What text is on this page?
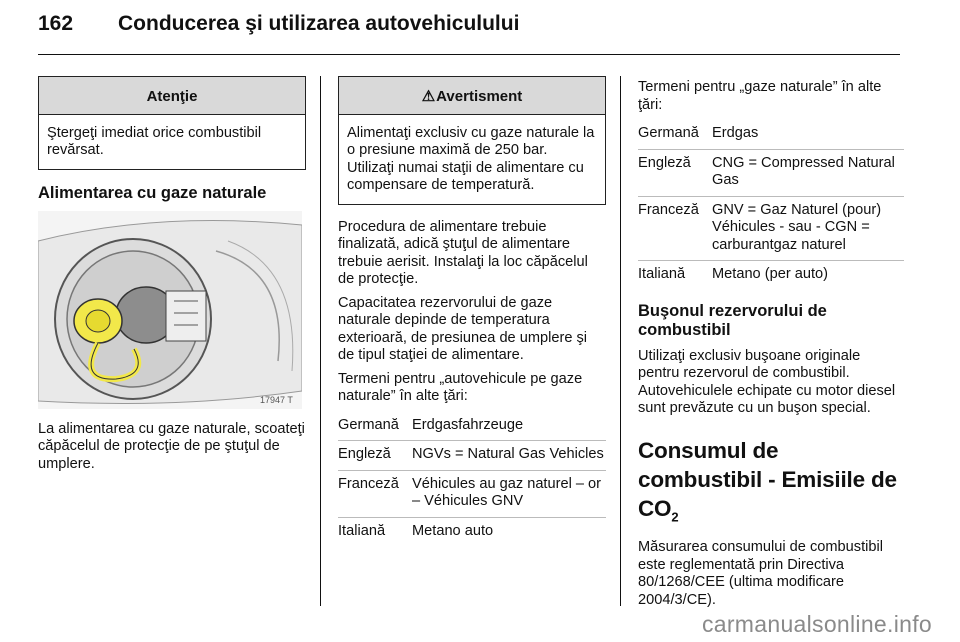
162 Conducerea şi utilizarea autovehiculului
Atenţie
Ştergeţi imediat orice combustibil revărsat.
Alimentarea cu gaze naturale
17947 T

La alimentarea cu gaze naturale, scoateţi căpăcelul de protecţie de pe ştuţul de umplere.

⚠Avertisment
Alimentaţi exclusiv cu gaze naturale la o presiune maximă de 250 bar. Utilizaţi numai staţii de alimentare cu compensare de temperatură.

Procedura de alimentare trebuie finalizată, adică ştuţul de alimentare trebuie aerisit. Instalaţi la loc căpăcelul de protecţie.

Capacitatea rezervorului de gaze naturale depinde de temperatura exterioară, de presiunea de umplere şi de tipul staţiei de alimentare.

Termeni pentru „autovehicule pe gaze naturale” în alte ţări:

Germană	Erdgasfahrzeuge
Engleză	NGVs = Natural Gas Vehicles
Franceză	Véhicules au gaz naturel – or – Véhicules GNV
Italiană	Metano auto

Termeni pentru „gaze naturale” în alte ţări:

Germană	Erdgas
Engleză	CNG = Compressed Natural Gas
Franceză	GNV = Gaz Naturel (pour) Véhicules - sau - CGN = carburantgaz naturel
Italiană	Metano (per auto)
Buşonul rezervorului de combustibil

Utilizaţi exclusiv buşoane originale pentru rezervorul de combustibil. Autovehiculele echipate cu motor diesel sunt prevăzute cu un buşon special.

Consumul de combustibil - Emisiile de $CO_2$

Măsurarea consumului de combustibil este reglementată prin Directiva 80/1268/CEE (ultima modificare 2004/3/CE).

carmanualsonline.info
